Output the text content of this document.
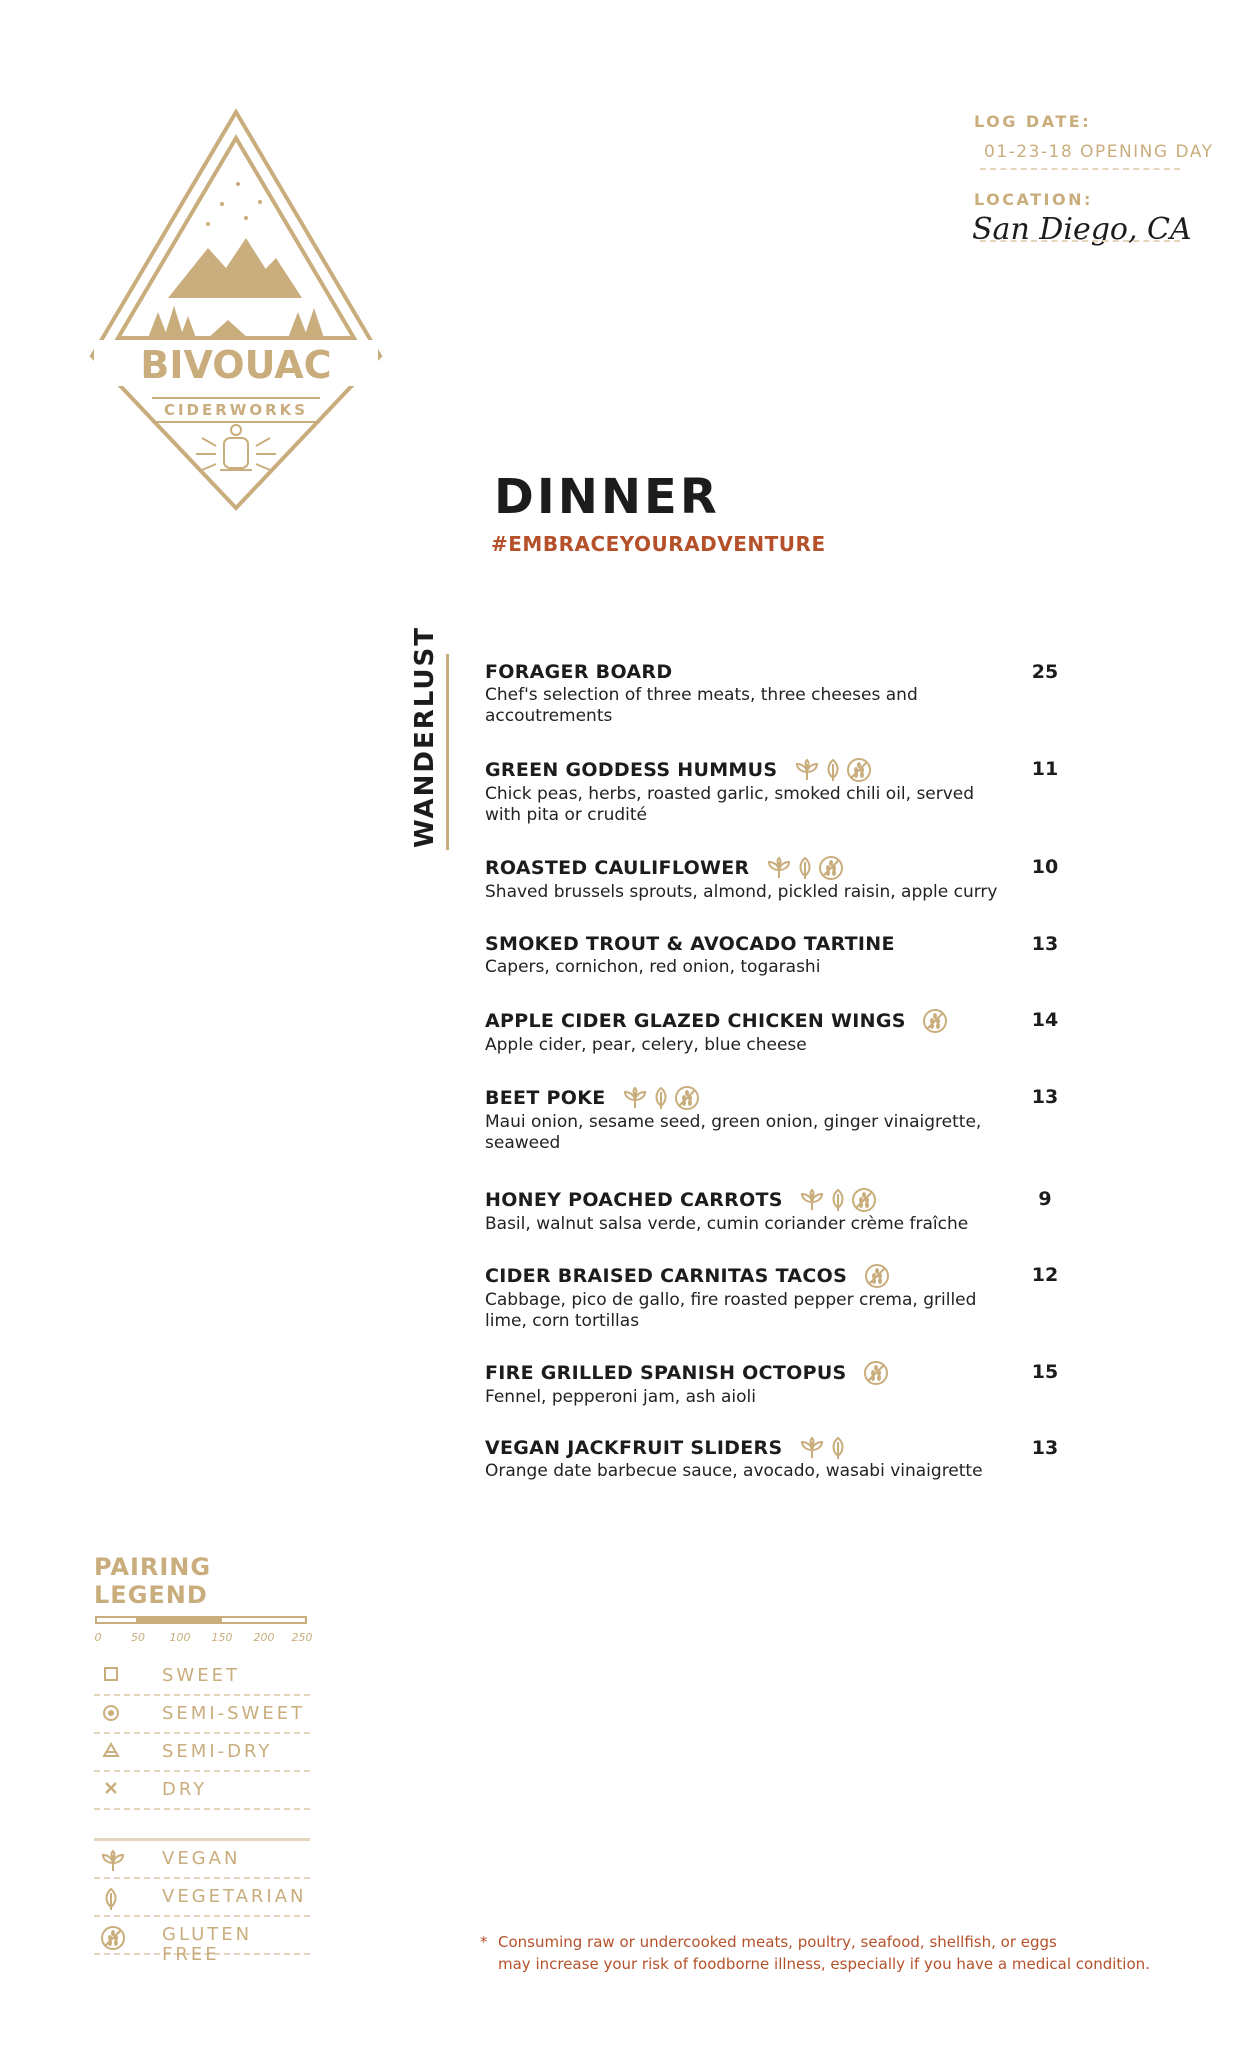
BIVOUAC
CIDERWORKS
LOG DATE:
01-23-18 OPENING DAY
LOCATION:
San Diego, CA
DINNER
#EMBRACEYOURADVENTURE
WANDERLUST FORAGER BOARD
Chef's selection of three meats, three cheeses and accoutrements
25
GREEN GODDESS HUMMUS
Chick peas, herbs, roasted garlic, smoked chili oil, served with pita or crudité
11
ROASTED CAULIFLOWER
Shaved brussels sprouts, almond, pickled raisin, apple curry
10
SMOKED TROUT & AVOCADO TARTINE
Capers, cornichon, red onion, togarashi
13
APPLE CIDER GLAZED CHICKEN WINGS
Apple cider, pear, celery, blue cheese
14
BEET POKE
Maui onion, sesame seed, green onion, ginger vinaigrette, seaweed
13
HONEY POACHED CARROTS
Basil, walnut salsa verde, cumin coriander crème fraîche
9
CIDER BRAISED CARNITAS TACOS
Cabbage, pico de gallo, fire roasted pepper crema, grilled lime, corn tortillas
12
FIRE GRILLED SPANISH OCTOPUS
Fennel, pepperoni jam, ash aioli
15
VEGAN JACKFRUIT SLIDERS
Orange date barbecue sauce, avocado, wasabi vinaigrette
13
PAIRING LEGEND
0	50 100 150 200 250
SWEET
SEMI-SWEET
SEMI-DRY
DRY
VEGAN
VEGETARIAN
GLUTEN FREE
* Consuming raw or undercooked meats, poultry, seafood, shellfish, or eggs
may increase your risk of foodborne illness, especially if you have a medical condition.
